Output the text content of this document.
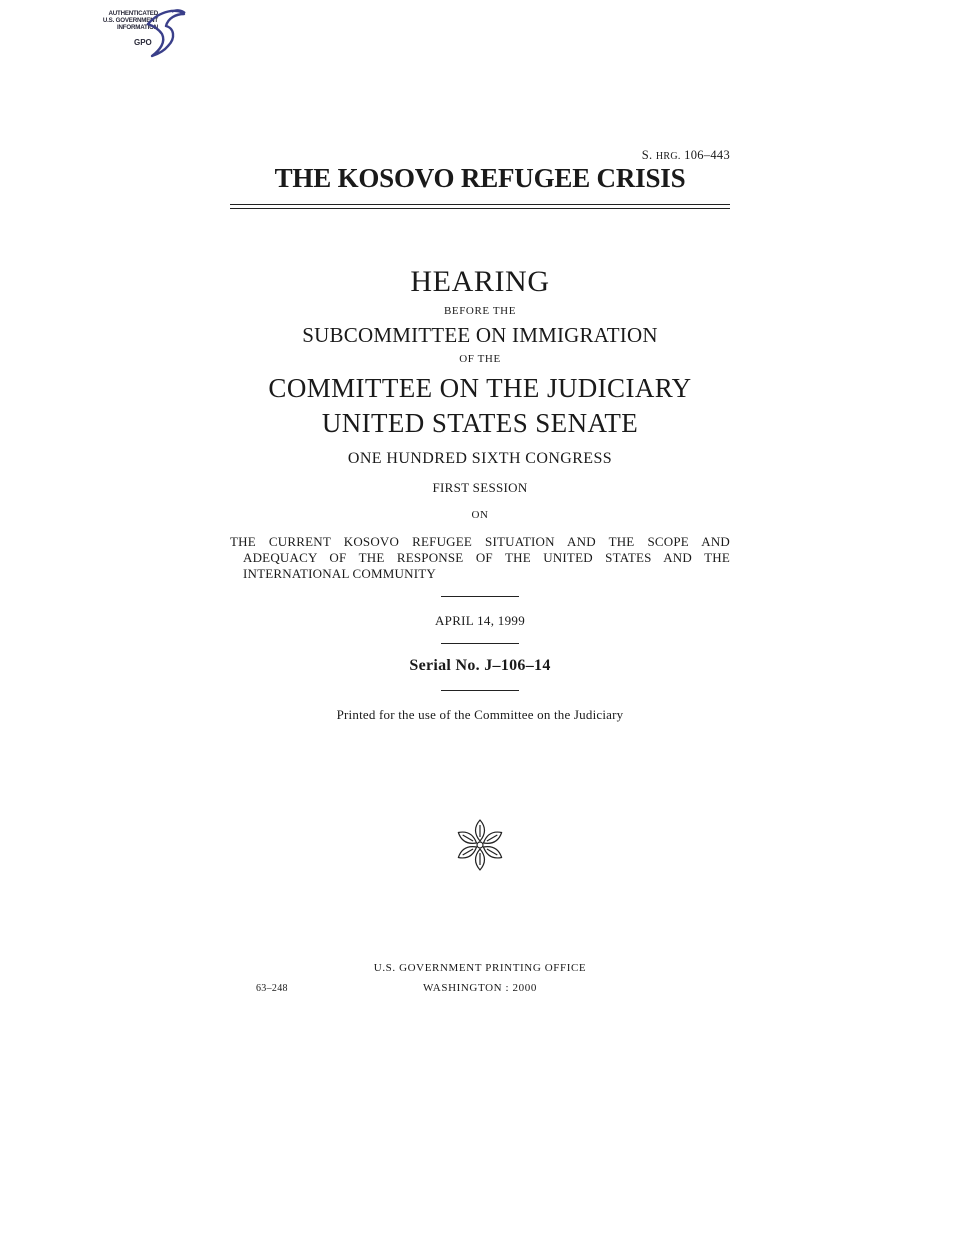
AUTHENTICATED
U.S. GOVERNMENT
INFORMATION
GPO
S. HRG. 106–443
THE KOSOVO REFUGEE CRISIS
HEARING
BEFORE THE
SUBCOMMITTEE ON IMMIGRATION
OF THE
COMMITTEE ON THE JUDICIARY
UNITED STATES SENATE
ONE HUNDRED SIXTH CONGRESS
FIRST SESSION
ON
THE CURRENT KOSOVO REFUGEE SITUATION AND THE SCOPE AND ADEQUACY OF THE RESPONSE OF THE UNITED STATES AND THE INTERNATIONAL COMMUNITY
APRIL 14, 1999
Serial No. J–106–14
Printed for the use of the Committee on the Judiciary
U.S. GOVERNMENT PRINTING OFFICE
63–248	WASHINGTON : 2000
